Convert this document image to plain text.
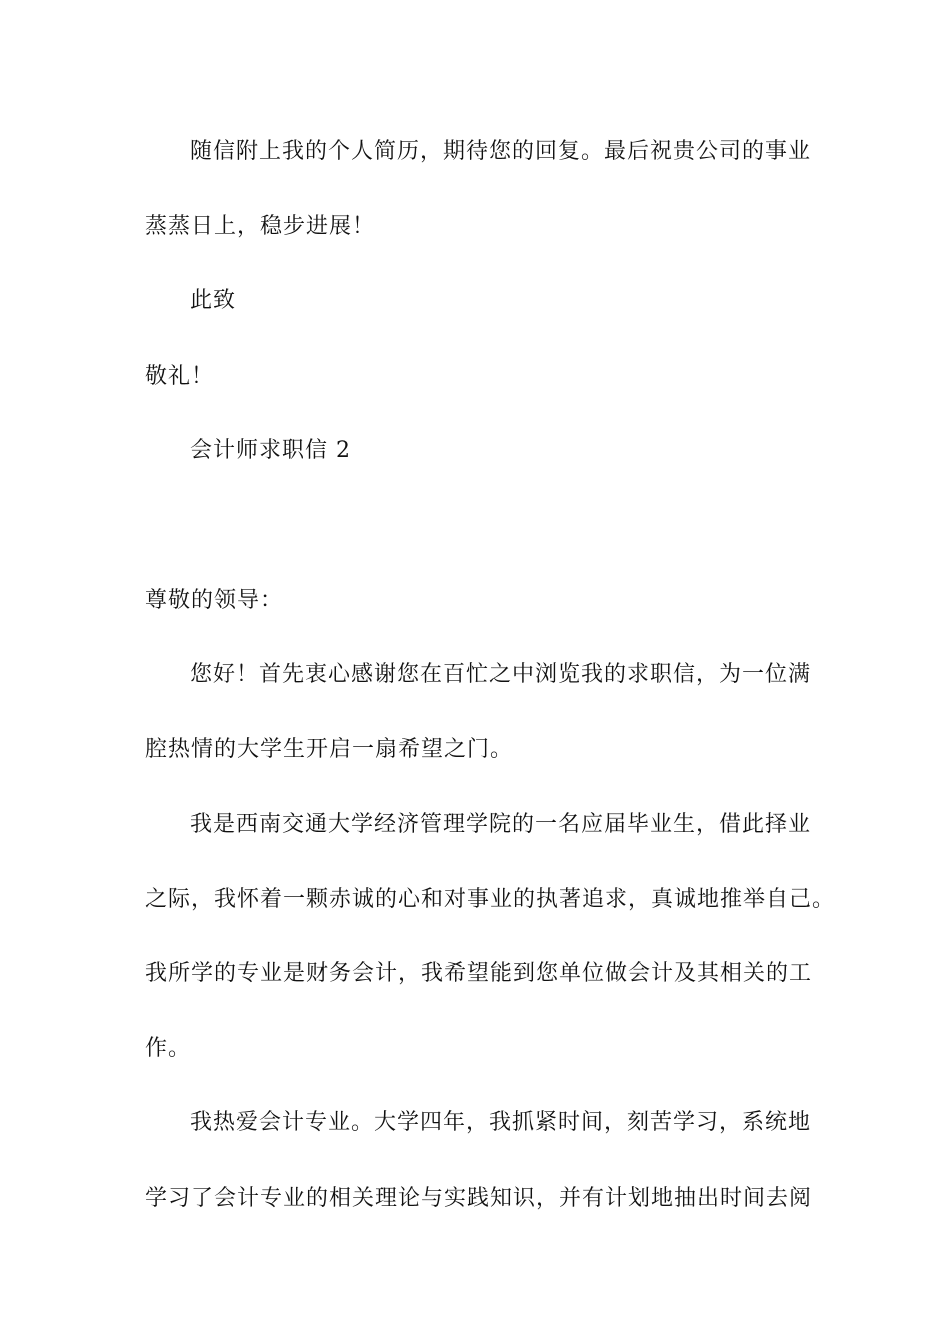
随信附上我的个人简历，期待您的回复。最后祝贵公司的事业
蒸蒸日上，稳步进展！
此致
敬礼！
会计师求职信 2
尊敬的领导：
您好！首先衷心感谢您在百忙之中浏览我的求职信，为一位满
腔热情的大学生开启一扇希望之门。
我是西南交通大学经济管理学院的一名应届毕业生，借此择业
之际，我怀着一颗赤诚的心和对事业的执著追求，真诚地推举自己。
我所学的专业是财务会计，我希望能到您单位做会计及其相关的工
作。
我热爱会计专业。大学四年，我抓紧时间，刻苦学习，系统地
学习了会计专业的相关理论与实践知识，并有计划地抽出时间去阅
